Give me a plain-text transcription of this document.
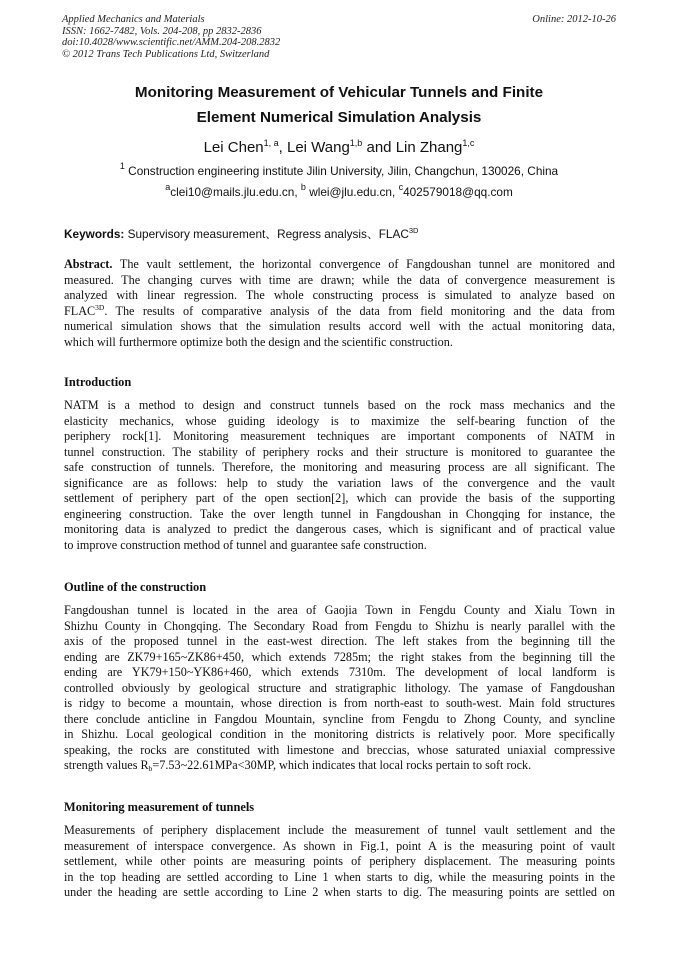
Applied Mechanics and Materials
ISSN: 1662-7482, Vols. 204-208, pp 2832-2836
doi:10.4028/www.scientific.net/AMM.204-208.2832
© 2012 Trans Tech Publications Ltd, Switzerland
Online: 2012-10-26
Monitoring Measurement of Vehicular Tunnels and Finite
Element Numerical Simulation Analysis
Lei Chen$^{1, a}$, Lei Wang$^{1,b}$ and Lin Zhang$^{1,c}$
$^1$ Construction engineering institute Jilin University, Jilin, Changchun, 130026, China
$^a$clei10@mails.jlu.edu.cn, $^b$ wlei@jlu.edu.cn, $^c$402579018@qq.com
Keywords: Supervisory measurement、Regress analysis、$FLAC^{3D}$
Abstract. The vault settlement, the horizontal convergence of Fangdoushan tunnel are monitored and
measured. The changing curves with time are drawn; while the data of convergence measurement is
analyzed with linear regression. The whole constructing process is simulated to analyze based on
$FLAC^{3D}$. The results of comparative analysis of the data from field monitoring and the data from
numerical simulation shows that the simulation results accord well with the actual monitoring data,
which will furthermore optimize both the design and the scientific construction.
Introduction
NATM is a method to design and construct tunnels based on the rock mass mechanics and the
elasticity mechanics, whose guiding ideology is to maximize the self-bearing function of the
periphery rock[1]. Monitoring measurement techniques are important components of NATM in
tunnel construction. The stability of periphery rocks and their structure is monitored to guarantee the
safe construction of tunnels. Therefore, the monitoring and measuring process are all significant. The
significance are as follows: help to study the variation laws of the convergence and the vault
settlement of periphery part of the open section[2], which can provide the basis of the supporting
engineering construction. Take the over length tunnel in Fangdoushan in Chongqing for instance, the
monitoring data is analyzed to predict the dangerous cases, which is significant and of practical value
to improve construction method of tunnel and guarantee safe construction.
Outline of the construction
Fangdoushan tunnel is located in the area of Gaojia Town in Fengdu County and Xialu Town in
Shizhu County in Chongqing. The Secondary Road from Fengdu to Shizhu is nearly parallel with the
axis of the proposed tunnel in the east-west direction. The left stakes from the beginning till the
ending are ZK79+165~ZK86+450, which extends 7285m; the right stakes from the beginning till the
ending are YK79+150~YK86+460, which extends 7310m. The development of local landform is
controlled obviously by geological structure and stratigraphic lithology. The yamase of Fangdoushan
is ridgy to become a mountain, whose direction is from north-east to south-west. Main fold structures
there conclude anticline in Fangdou Mountain, syncline from Fengdu to Zhong County, and syncline
in Shizhu. Local geological condition in the monitoring districts is relatively poor. More specifically
speaking, the rocks are constituted with limestone and breccias, whose saturated uniaxial compressive
strength values $R_b=7.53\sim 22.61MPa<30MP$, which indicates that local rocks pertain to soft rock.
Monitoring measurement of tunnels
Measurements of periphery displacement include the measurement of tunnel vault settlement and the
measurement of interspace convergence. As shown in Fig.1, point A is the measuring point of vault
settlement, while other points are measuring points of periphery displacement. The measuring points
in the top heading are settled according to Line 1 when starts to dig, while the measuring points in the
under the heading are settle according to Line 2 when starts to dig. The measuring points are settled on
